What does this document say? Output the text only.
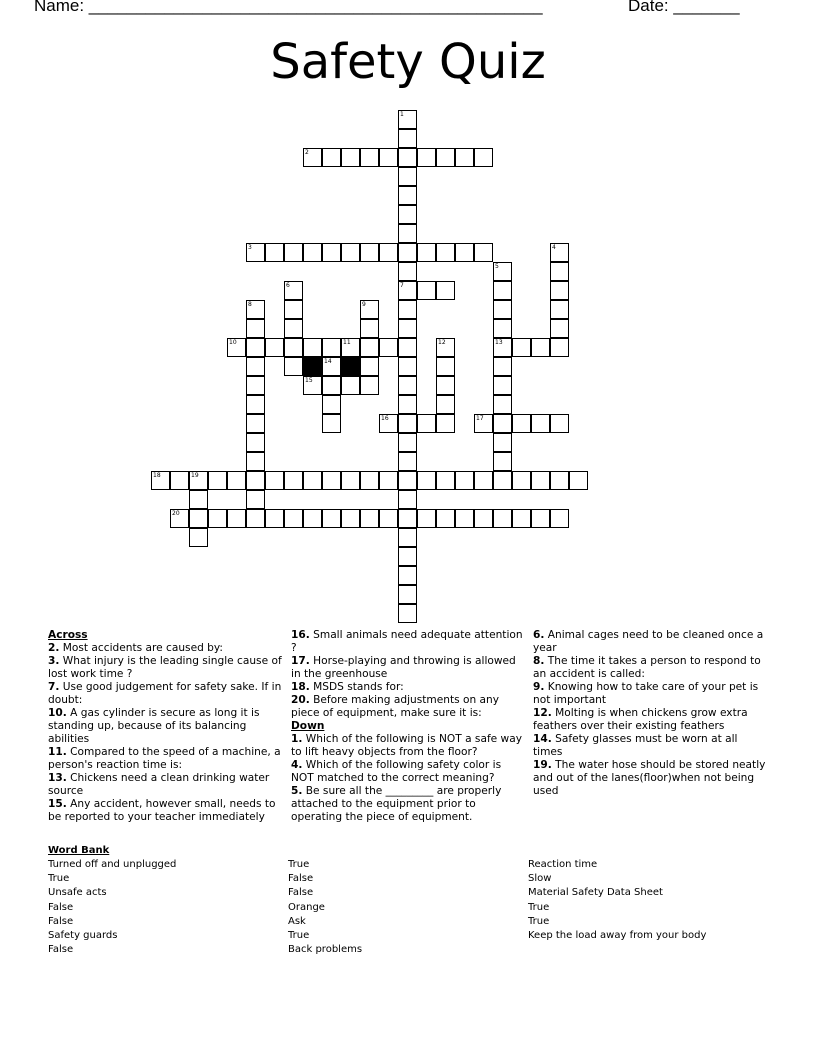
Name: ________________________________________________	Date: _______
Safety Quiz
1
7
2
3	4
5
13
6
8	9
10	11	12
14
15
16	17
18	19
20
Across
2. Most accidents are caused by:
3. What injury is the leading single cause of lost work time ?
7. Use good judgement for safety sake. If in doubt:
10. A gas cylinder is secure as long it is standing up, because of its balancing abilities
11. Compared to the speed of a machine, a person's reaction time is:
13. Chickens need a clean drinking water source
15. Any accident, however small, needs to be reported to your teacher immediately
16. Small animals need adequate attention ?
17. Horse-playing and throwing is allowed in the greenhouse
18. MSDS stands for:
20. Before making adjustments on any piece of equipment, make sure it is:
Down
1. Which of the following is NOT a safe way to lift heavy objects from the floor?
4. Which of the following safety color is NOT matched to the correct meaning?
5. Be sure all the _________ are properly attached to the equipment prior to operating the piece of equipment.
6. Animal cages need to be cleaned once a year
8. The time it takes a person to respond to an accident is called:
9. Knowing how to take care of your pet is not important
12. Molting is when chickens grow extra feathers over their existing feathers
14. Safety glasses must be worn at all times
19. The water hose should be stored neatly and out of the lanes(floor)when not being used
Word Bank
Turned off and unplugged
True
Unsafe acts
False
False
Safety guards
False
True
False
False
Orange
Ask
True
Back problems
Reaction time
Slow
Material Safety Data Sheet
True
True
Keep the load away from your body
